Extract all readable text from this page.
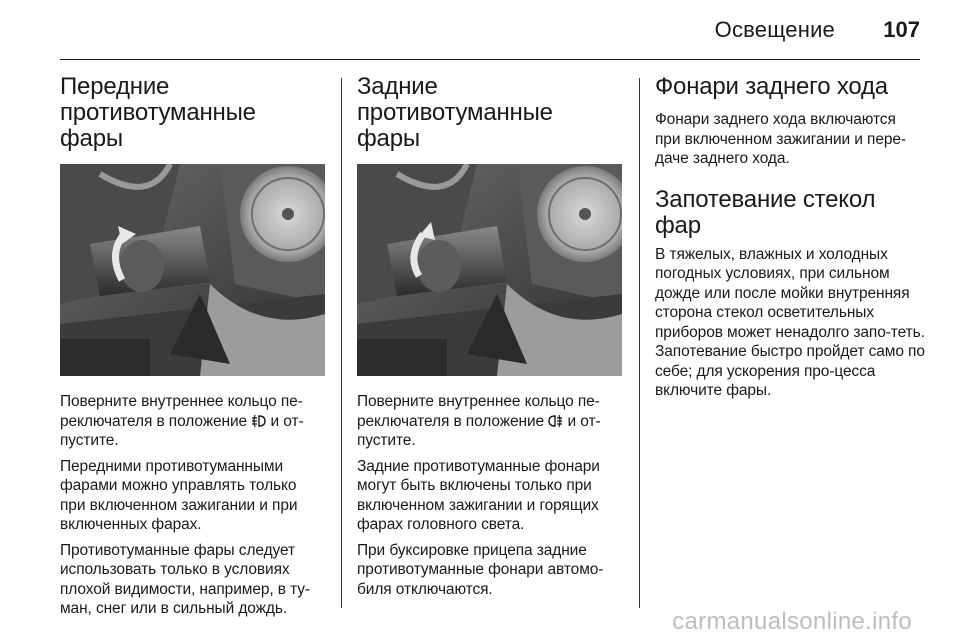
Освещение 107
Передние противотуманные фары

Поверните внутреннее кольцо пе-реключателя в положение и от-пустите.

Передними противотуманными фарами можно управлять только при включенном зажигании и при включенных фарах.

Противотуманные фары следует использовать только в условиях плохой видимости, например, в ту-ман, снег или в сильный дождь.

Задние противотуманные фары

Поверните внутреннее кольцо пе-реключателя в положение и от-пустите.

Задние противотуманные фонари могут быть включены только при включенном зажигании и горящих фарах головного света.

При буксировке прицепа задние противотуманные фонари автомо-биля отключаются.

Фонари заднего хода

Фонари заднего хода включаются при включенном зажигании и пере-даче заднего хода.

Запотевание стекол фар

В тяжелых, влажных и холодных погодных условиях, при сильном дожде или после мойки внутренняя сторона стекол осветительных приборов может ненадолго запо-теть. Запотевание быстро пройдет само по себе; для ускорения про-цесса включите фары.

carmanualsonline.info
